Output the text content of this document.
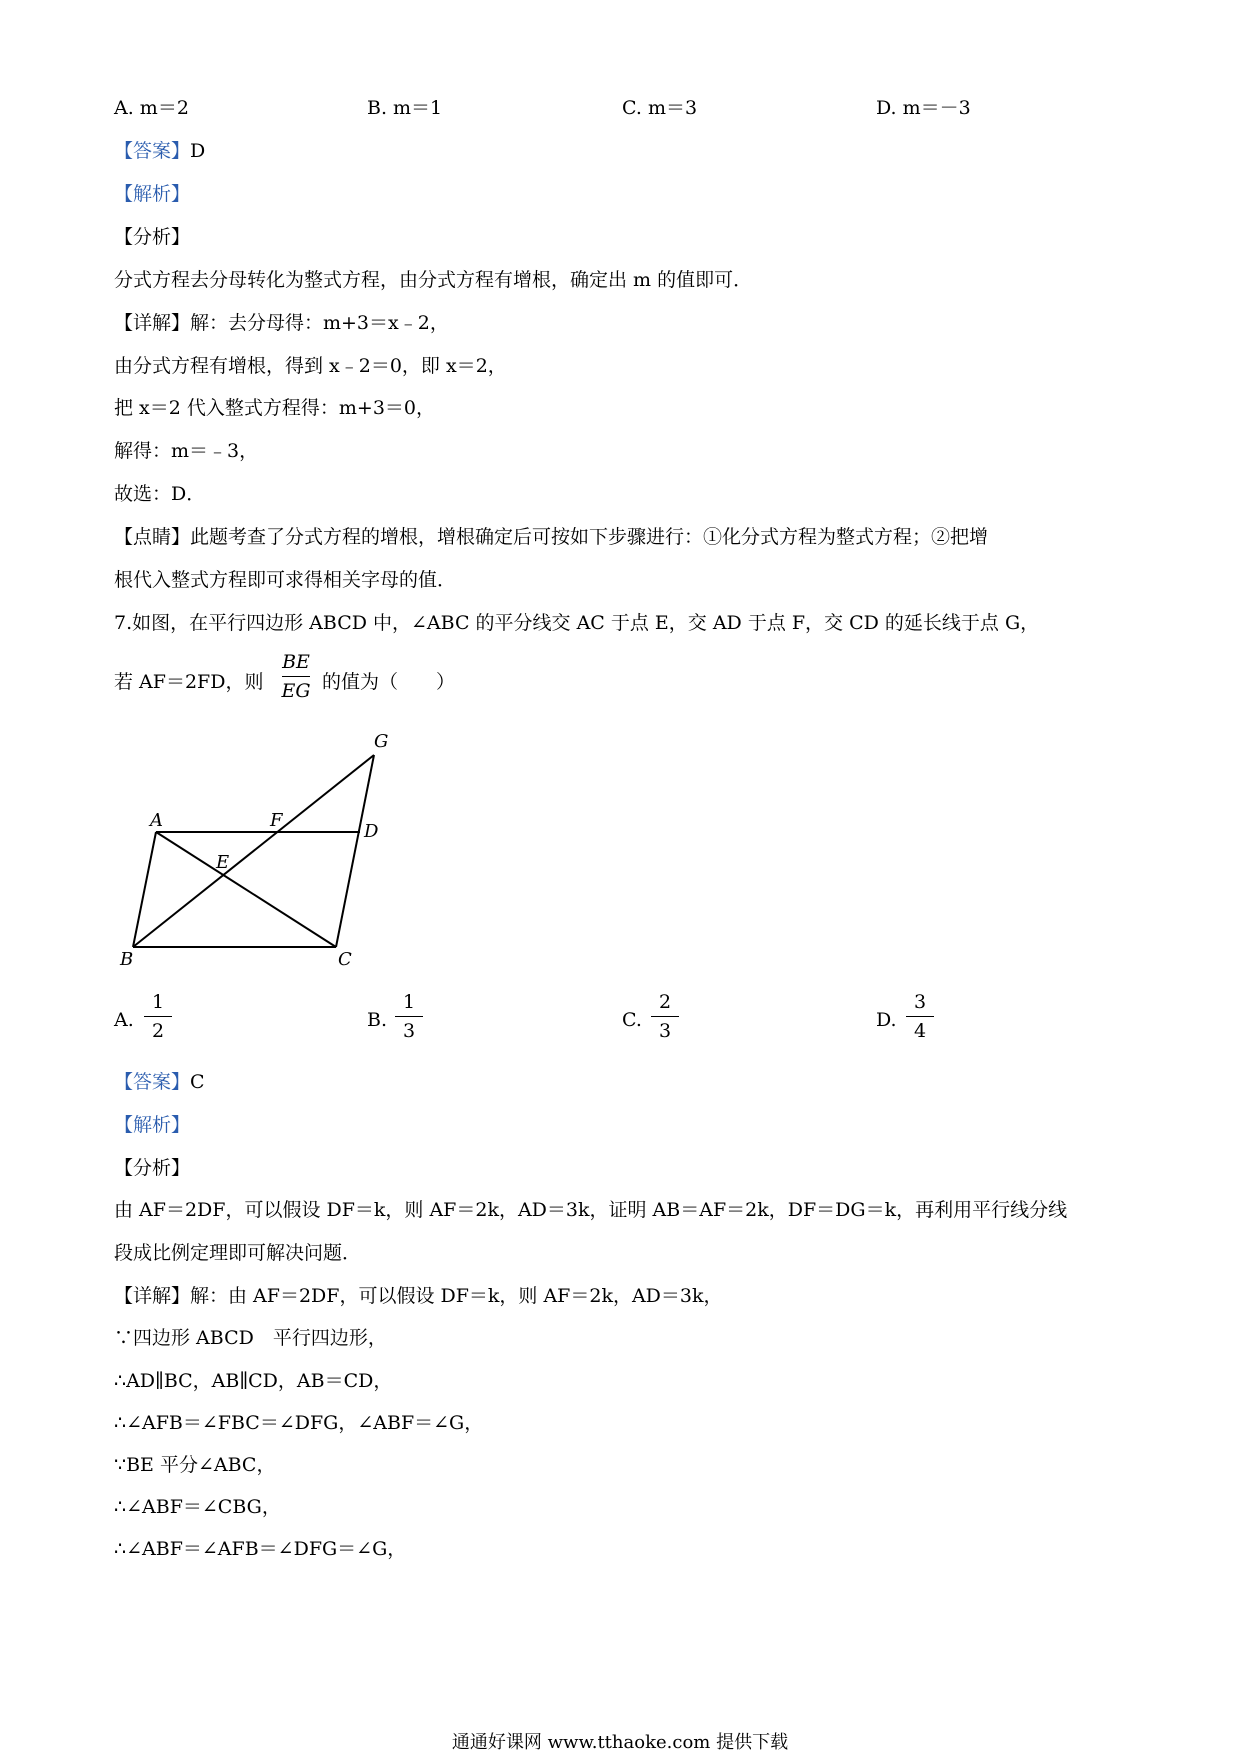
A. m＝2	B. m＝1	C. m＝3	D. m＝－3
【答案】D
【解析】
【分析】
分式方程去分母转化为整式方程，由分式方程有增根，确定出 m 的值即可．
【详解】解：去分母得：m+3＝x﹣2，
由分式方程有增根，得到 x﹣2＝0，即 x＝2，
把 x＝2 代入整式方程得：m+3＝0，
解得：m＝﹣3，
故选：D．
【点睛】此题考查了分式方程的增根，增根确定后可按如下步骤进行：①化分式方程为整式方程；②把增
根代入整式方程即可求得相关字母的值．
7.如图，在平行四边形 ABCD 中，∠ABC 的平分线交 AC 于点 E，交 AD 于点 F，交 CD 的延长线于点 G，
若 AF＝2FD，则
BE
EG 的值为（　　）
G
A	F
D
E
B	C
A.
1
2	B.
1
3	C.
2
3	D.
3
4
【答案】C
【解析】
【分析】
由 AF＝2DF，可以假设 DF＝k，则 AF＝2k，AD＝3k，证明 AB＝AF＝2k，DF＝DG＝k，再利用平行线分线
段成比例定理即可解决问题．
【详解】解：由 AF＝2DF，可以假设 DF＝k，则 AF＝2k，AD＝3k，
∵四边形 ABCD　平行四边形，
∴AD∥BC，AB∥CD，AB＝CD，
∴∠AFB＝∠FBC＝∠DFG，∠ABF＝∠G，
∵BE 平分∠ABC，
∴∠ABF＝∠CBG，
∴∠ABF＝∠AFB＝∠DFG＝∠G，
通通好课网 www.tthaoke.com 提供下载
